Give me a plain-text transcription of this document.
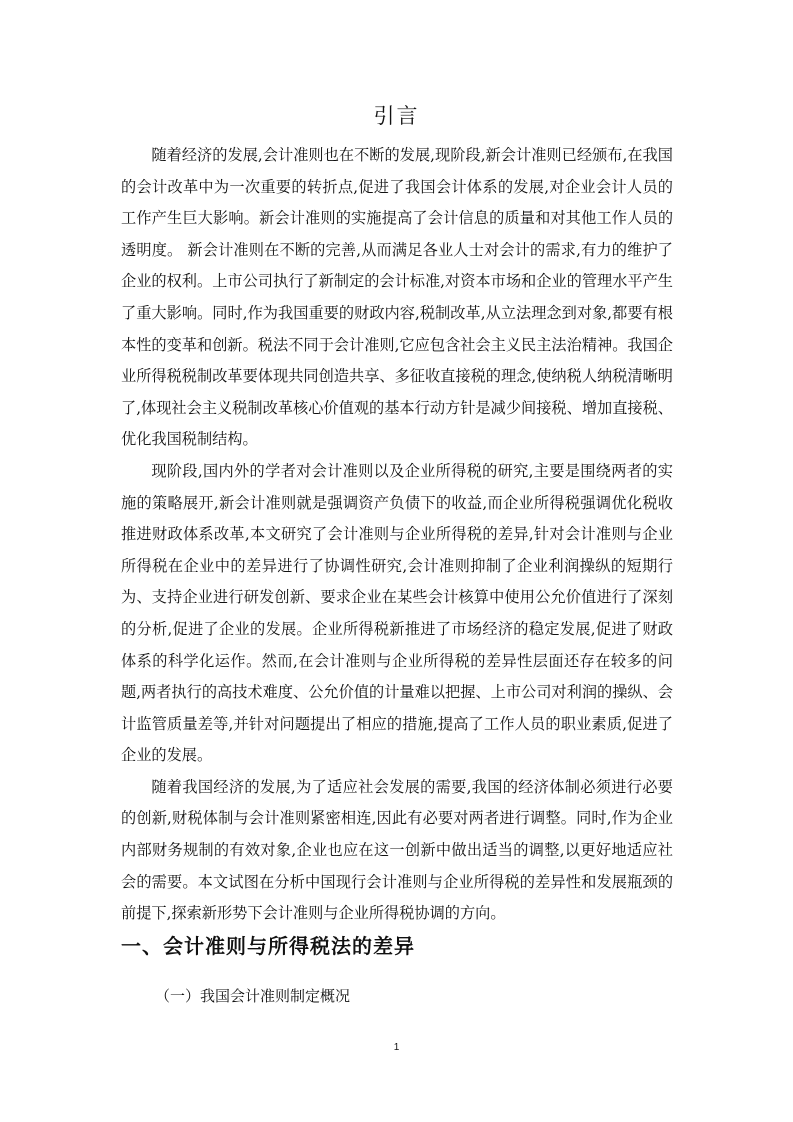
引言

随着经济的发展,会计准则也在不断的发展,现阶段,新会计准则已经颁布,在我国的会计改革中为一次重要的转折点,促进了我国会计体系的发展,对企业会计人员的工作产生巨大影响。新会计准则的实施提高了会计信息的质量和对其他工作人员的透明度。 新会计准则在不断的完善,从而满足各业人士对会计的需求,有力的维护了企业的权利。上市公司执行了新制定的会计标准,对资本市场和企业的管理水平产生了重大影响。同时,作为我国重要的财政内容,税制改革,从立法理念到对象,都要有根本性的变革和创新。税法不同于会计准则,它应包含社会主义民主法治精神。我国企业所得税税制改革要体现共同创造共享、多征收直接税的理念,使纳税人纳税清晰明了,体现社会主义税制改革核心价值观的基本行动方针是减少间接税、增加直接税、优化我国税制结构。

现阶段,国内外的学者对会计准则以及企业所得税的研究,主要是围绕两者的实施的策略展开,新会计准则就是强调资产负债下的收益,而企业所得税强调优化税收推进财政体系改革,本文研究了会计准则与企业所得税的差异,针对会计准则与企业所得税在企业中的差异进行了协调性研究,会计准则抑制了企业利润操纵的短期行为、支持企业进行研发创新、要求企业在某些会计核算中使用公允价值进行了深刻的分析,促进了企业的发展。企业所得税新推进了市场经济的稳定发展,促进了财政体系的科学化运作。然而,在会计准则与企业所得税的差异性层面还存在较多的问题,两者执行的高技术难度、公允价值的计量难以把握、上市公司对利润的操纵、会计监管质量差等,并针对问题提出了相应的措施,提高了工作人员的职业素质,促进了企业的发展。

随着我国经济的发展,为了适应社会发展的需要,我国的经济体制必须进行必要的创新,财税体制与会计准则紧密相连,因此有必要对两者进行调整。同时,作为企业内部财务规制的有效对象,企业也应在这一创新中做出适当的调整,以更好地适应社会的需要。本文试图在分析中国现行会计准则与企业所得税的差异性和发展瓶颈的前提下,探索新形势下会计准则与企业所得税协调的方向。

一、会计准则与所得税法的差异
（一）我国会计准则制定概况
1
